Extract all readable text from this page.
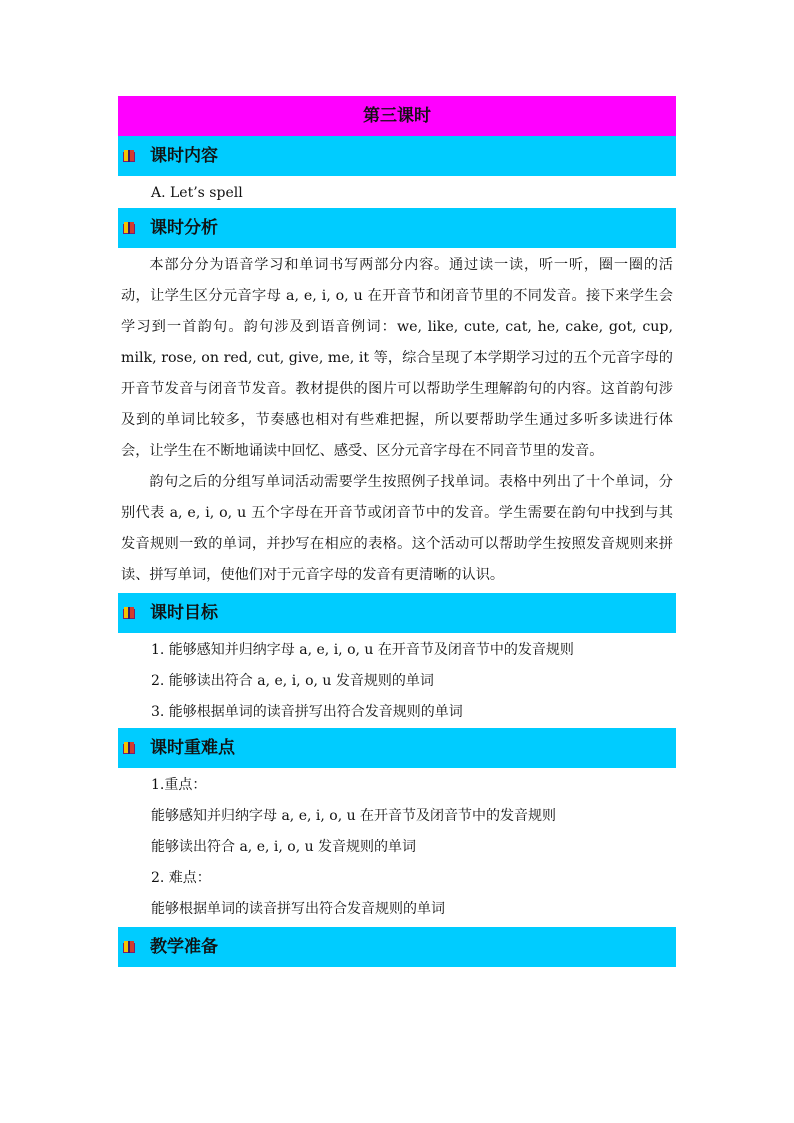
第三课时
课时内容
A. Let’s spell
课时分析
本部分分为语音学习和单词书写两部分内容。通过读一读，听一听，圈一圈的活动，让学生区分元音字母 a, e, i, o, u 在开音节和闭音节里的不同发音。接下来学生会学习到一首韵句。韵句涉及到语音例词：we, like, cute, cat, he, cake, got, cup, milk, rose, on red, cut, give, me, it 等，综合呈现了本学期学习过的五个元音字母的开音节发音与闭音节发音。教材提供的图片可以帮助学生理解韵句的内容。这首韵句涉及到的单词比较多，节奏感也相对有些难把握，所以要帮助学生通过多听多读进行体会，让学生在不断地诵读中回忆、感受、区分元音字母在不同音节里的发音。
韵句之后的分组写单词活动需要学生按照例子找单词。表格中列出了十个单词，分别代表 a, e, i, o, u 五个字母在开音节或闭音节中的发音。学生需要在韵句中找到与其发音规则一致的单词，并抄写在相应的表格。这个活动可以帮助学生按照发音规则来拼读、拼写单词，使他们对于元音字母的发音有更清晰的认识。
课时目标
1. 能够感知并归纳字母 a, e, i, o, u 在开音节及闭音节中的发音规则
2. 能够读出符合 a, e, i, o, u 发音规则的单词
3. 能够根据单词的读音拼写出符合发音规则的单词
课时重难点
1.重点：
能够感知并归纳字母 a, e, i, o, u 在开音节及闭音节中的发音规则
能够读出符合 a, e, i, o, u 发音规则的单词
2. 难点：
能够根据单词的读音拼写出符合发音规则的单词
教学准备
